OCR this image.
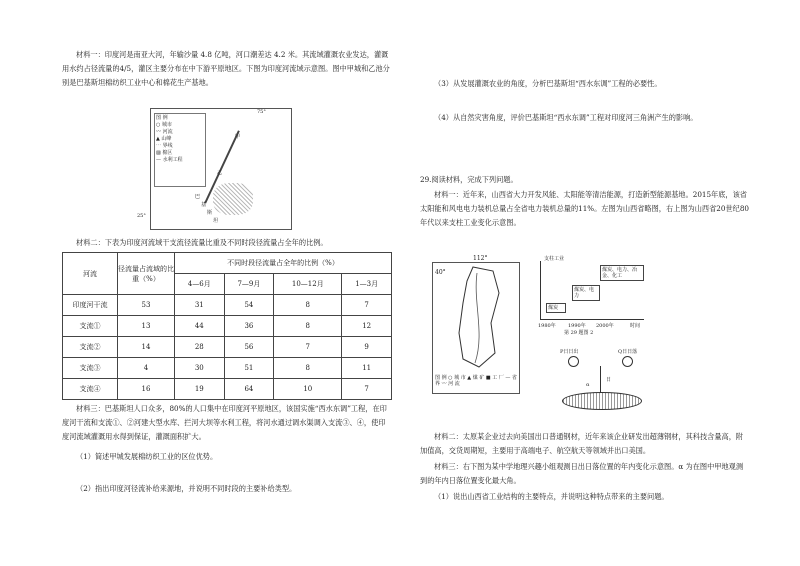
材料一：印度河是南亚大河，年输沙量 4.8 亿吨，河口潮差达 4.2 米。其流域灌溉农业发达，灌溉用水约占径流量的4/5，灌区主要分布在中下游平原地区。下图为印度河流域示意图。图中甲城和乙池分别是巴基斯坦棉纺织工业中心和棉花生产基地。

图 例
○ 城市
〰 河流
▲ 山峰
⋯ 界线
▨ 棉区
— 水利工程
甲
乙
巴
基
斯
坦
75°
25°

材料二：下表为印度河流域干支流径流量比重及不同时段径流量占全年的比例。

河流	径流量占流域的比重（%）	不同时段径流量占全年的比例（%）			
		4—6月	7—9月	10—12月	1—3月
印度河干流	53	31	54	8	7
支流①	13	44	36	8	12
支流②	14	28	56	7	9
支流③	4	30	51	8	11
支流④	16	19	64	10	7

材料三：巴基斯坦人口众多，80%的人口集中在印度河平原地区，该国实施“西水东调”工程，在印度河干流和支流①、②河建大型水库、拦河大坝等水利工程，将河水通过调水渠调入支流③、④，使印度河流域灌溉用水得到保证，灌溉面积扩大。

（1）简述甲城发展棉纺织工业的区位优势。

（2）指出印度河径流补给来源地，并说明不同时段的主要补给类型。

（3）从发展灌溉农业的角度，分析巴基斯坦“西水东调”工程的必要性。

（4）从自然灾害角度，评价巴基斯坦“西水东调”工程对印度河三角洲产生的影响。

29.阅读材料，完成下列问题。

材料一：近年来，山西省大力开发风能、太阳能等清洁能源，打造新型能源基地。2015年底，该省太阳能和风电电力装机总量占全省电力装机总量的11%。左图为山西省略图，右上图为山西省20世纪80年代以来支柱工业变化示意图。

112°
40°
图 例 ○ 城 市 ▲ 煤 矿 ■ 工 厂 — 省 界 〰 河 流
支柱工业
煤炭、电力、冶金、化工
煤炭、电力
煤炭
1980年 1990年 2000年	时间
第 29 题图 2
P日日出	Q日日落
α
日

材料二：太原某企业过去向美国出口普通钢材，近年来该企业研发出超薄钢材，其科技含量高，附加值高，交货周期短，主要用于高端电子、航空航天等领域并出口美国。

材料三：右下图为某中学地理兴趣小组观测日出日落位置的年内变化示意图。α 为在图中甲地观测到的年内日落位置变化最大角。

（1）说出山西省工业结构的主要特点，并说明这种特点带来的主要问题。
